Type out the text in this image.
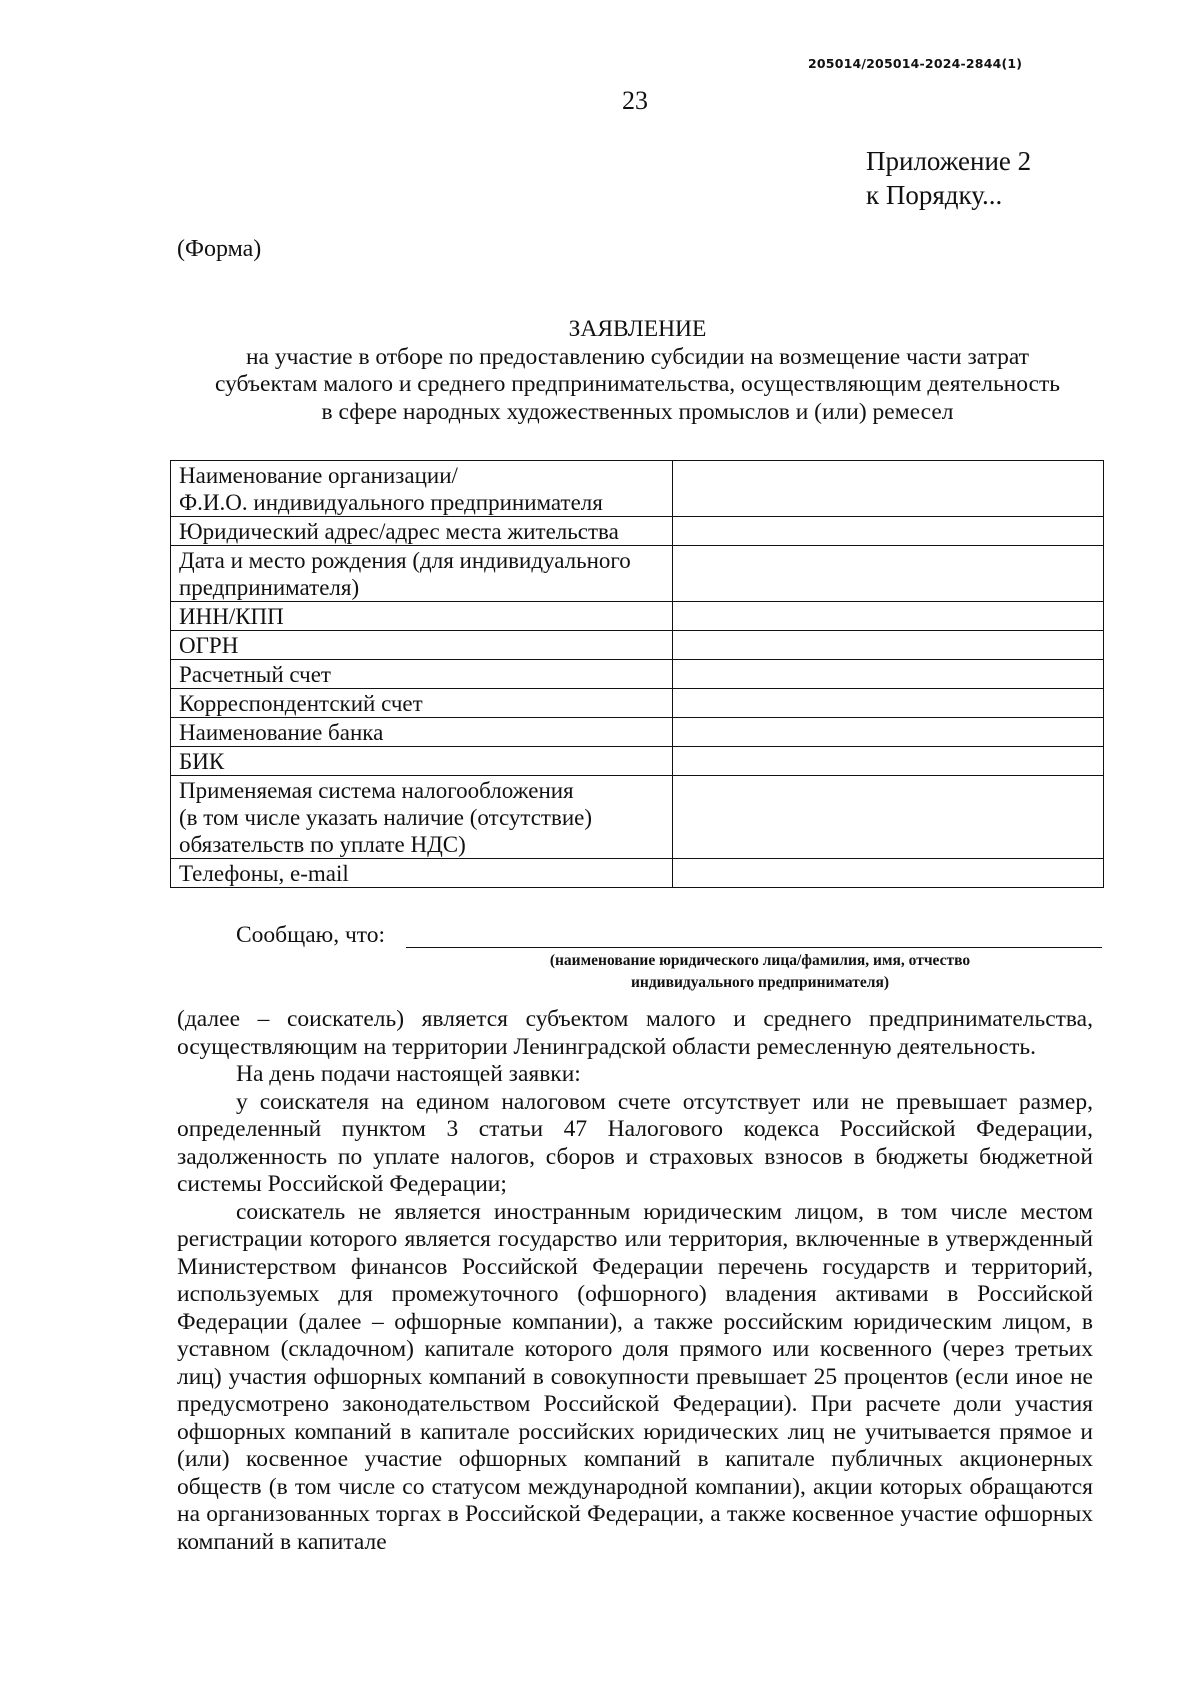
205014/205014-2024-2844(1)
23
Приложение 2
к Порядку...
(Форма)
ЗАЯВЛЕНИЕ
на участие в отборе по предоставлению субсидии на возмещение части затрат
субъектам малого и среднего предпринимательства, осуществляющим деятельность
в сфере народных художественных промыслов и (или) ремесел
Наименование организации/
Ф.И.О. индивидуального предпринимателя	

Юридический адрес/адрес места жительства	

Дата и место рождения (для индивидуального
предпринимателя)	

ИНН/КПП	

ОГРН	

Расчетный счет	

Корреспондентский счет	

Наименование банка	

БИК	

Применяемая система налогообложения
(в том числе указать наличие (отсутствие)
обязательств по уплате НДС)	

Телефоны, e-mail	

Сообщаю, что:
(наименование юридического лица/фамилия, имя, отчество
индивидуального предпринимателя)

(далее – соискатель) является субъектом малого и среднего предпринимательства, осуществляющим на территории Ленинградской области ремесленную деятельность.

На день подачи настоящей заявки:

у соискателя на едином налоговом счете отсутствует или не превышает размер, определенный пунктом 3 статьи 47 Налогового кодекса Российской Федерации, задолженность по уплате налогов, сборов и страховых взносов в бюджеты бюджетной системы Российской Федерации;

соискатель не является иностранным юридическим лицом, в том числе местом регистрации которого является государство или территория, включенные в утвержденный Министерством финансов Российской Федерации перечень государств и территорий, используемых для промежуточного (офшорного) владения активами в Российской Федерации (далее – офшорные компании), а также российским юридическим лицом, в уставном (складочном) капитале которого доля прямого или косвенного (через третьих лиц) участия офшорных компаний в совокупности превышает 25 процентов (если иное не предусмотрено законодательством Российской Федерации). При расчете доли участия офшорных компаний в капитале российских юридических лиц не учитывается прямое и (или) косвенное участие офшорных компаний в капитале публичных акционерных обществ (в том числе со статусом международной компании), акции которых обращаются на организованных торгах в Российской Федерации, а также косвенное участие офшорных компаний в капитале
